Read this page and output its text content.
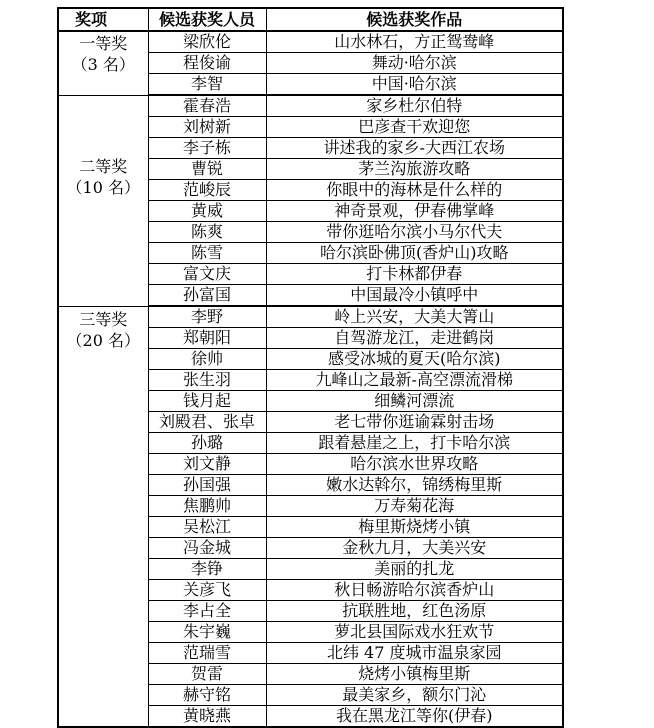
奖项	候选获奖人员	候选获奖作品

一等奖
（3 名）	梁欣伦	山水林石，方正鸳鸯峰
	程俊谕	舞动·哈尔滨
	李智	中国·哈尔滨

二等奖
（10 名）	霍春浩	家乡杜尔伯特
	刘树新	巴彦查干欢迎您
	李子栋	讲述我的家乡-大西江农场
	曹锐	茅兰沟旅游攻略
	范峻辰	你眼中的海林是什么样的
	黄威	神奇景观，伊春佛掌峰
	陈爽	带你逛哈尔滨小马尔代夫
	陈雪	哈尔滨卧佛顶(香炉山)攻略
	富文庆	打卡林都伊春
	孙富国	中国最冷小镇呼中

三等奖
（20 名）	李野	岭上兴安，大美大箐山
	郑朝阳	自驾游龙江，走进鹤岗
	徐帅	感受冰城的夏天(哈尔滨)
	张生羽	九峰山之最新-高空漂流滑梯
	钱月起	细鳞河漂流
	刘殿君、张卓	老七带你逛谕霖射击场
	孙璐	跟着悬崖之上，打卡哈尔滨
	刘文静	哈尔滨水世界攻略
	孙国强	嫩水达斡尔，锦绣梅里斯
	焦鹏帅	万寿菊花海
	吴松江	梅里斯烧烤小镇
	冯金城	金秋九月，大美兴安
	李铮	美丽的扎龙
	关彦飞	秋日畅游哈尔滨香炉山
	李占全	抗联胜地，红色汤原
	朱宇巍	萝北县国际戏水狂欢节
	范瑞雪	北纬 47 度城市温泉家园
	贺雷	烧烤小镇梅里斯
	赫守铭	最美家乡，额尔门沁
	黄晓燕	我在黑龙江等你(伊春)
